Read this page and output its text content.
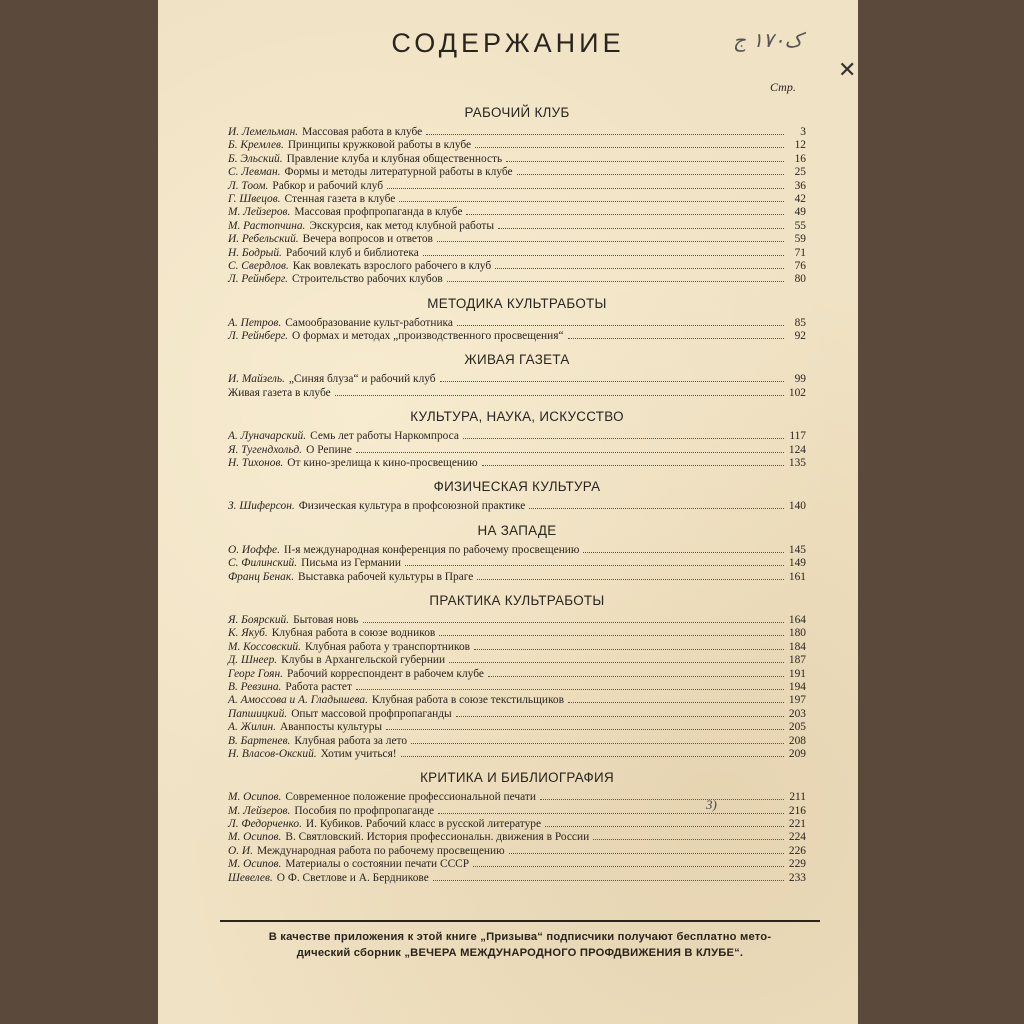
СОДЕРЖАНИЕ	ک۱۷۰ ج
✕
Стр.
РАБОЧИЙ КЛУБ
И. Лемельман. Массовая работа в клубе	3
Б. Кремлев. Принципы кружковой работы в клубе	12
Б. Эльский. Правление клуба и клубная общественность	16
С. Левман. Формы и методы литературной работы в клубе	25
Л. Тоом. Рабкор и рабочий клуб	36
Г. Швецов. Стенная газета в клубе	42
М. Лейзеров. Массовая профпропаганда в клубе	49
М. Растопчина. Экскурсия, как метод клубной работы	55
И. Ребельский. Вечера вопросов и ответов	59
Н. Бодрый. Рабочий клуб и библиотека	71
С. Свердлов. Как вовлекать взрослого рабочего в клуб	76
Л. Рейнберг. Строительство рабочих клубов	80
МЕТОДИКА КУЛЬТРАБОТЫ
А. Петров. Самообразование культ-работника	85
Л. Рейнберг. О формах и методах „производственного просвещения“	92
ЖИВАЯ ГАЗЕТА
И. Майзель. „Синяя блуза“ и рабочий клуб	99
Живая газета в клубе	102
КУЛЬТУРА, НАУКА, ИСКУССТВО
А. Луначарский. Семь лет работы Наркомпроса	117
Я. Тугендхольд. О Репине	124
Н. Тихонов. От кино-зрелища к кино-просвещению	135
ФИЗИЧЕСКАЯ КУЛЬТУРА
З. Шиферсон. Физическая культура в профсоюзной практике	140
НА ЗАПАДЕ
О. Иоффе. II-я международная конференция по рабочему просвещению	145
С. Филинский. Письма из Германии	149
Франц Бенак. Выставка рабочей культуры в Праге	161
ПРАКТИКА КУЛЬТРАБОТЫ
Я. Боярский. Бытовая новь	164
К. Якуб. Клубная работа в союзе водников	180
М. Коссовский. Клубная работа у транспортников	184
Д. Шнеер. Клубы в Архангельской губернии	187
Георг Гоян. Рабочий корреспондент в рабочем клубе	191
В. Ревзина. Работа растет	194
А. Амоссова и А. Гладышева. Клубная работа в союзе текстильщиков	197
Папшицкий. Опыт массовой профпропаганды	203
А. Жилин. Аванпосты культуры	205
В. Бартенев. Клубная работа за лето	208
Н. Власов-Окский. Хотим учиться!	209
КРИТИКА И БИБЛИОГРАФИЯ
М. Осипов. Современное положение профессиональной печати	211
М. Лейзеров. Пособия по профпропаганде	216
Л. Федорченко. И. Кубиков. Рабочий класс в русской литературе	221
М. Осипов. В. Святловский. История профессиональн. движения в России	224
О. И. Международная работа по рабочему просвещению	226
М. Осипов. Материалы о состоянии печати СССР	229
Шевелев. О Ф. Светлове и А. Бердникове	233
3)
В качестве приложения к этой книге „Призыва“ подписчики получают бесплатно мето-
дический сборник „ВЕЧЕРА МЕЖДУНАРОДНОГО ПРОФДВИЖЕНИЯ В КЛУБЕ“.
